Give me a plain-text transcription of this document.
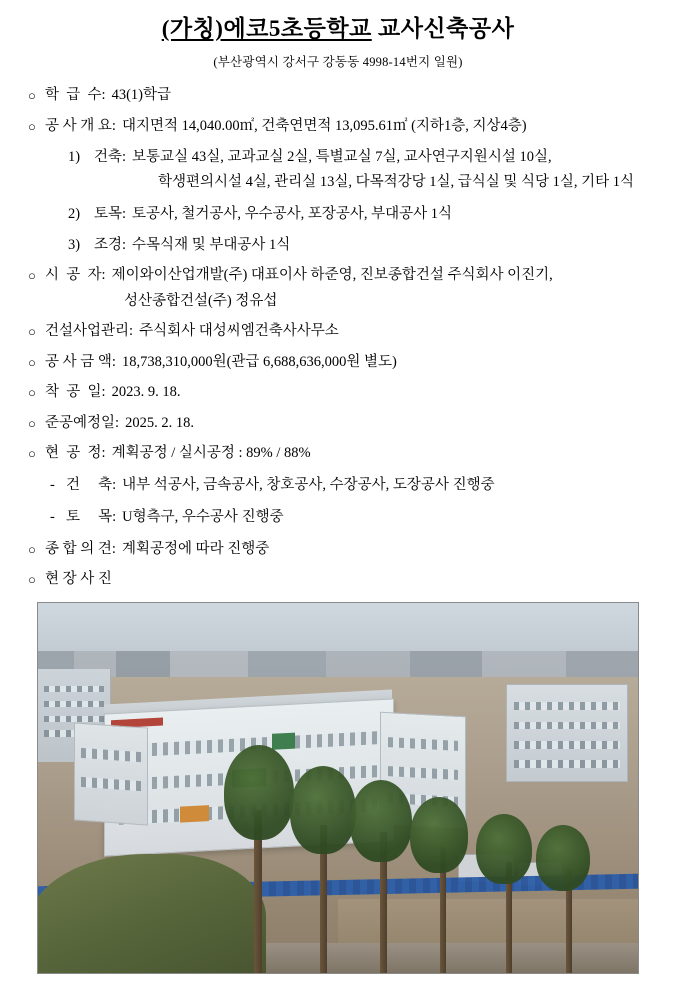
(가칭)에코5초등학교 교사신축공사
(부산광역시 강서구 강동동 4998-14번지 일원)
○ 학  급  수: 43(1)학급
○ 공 사 개 요: 대지면적 14,040.00㎡, 건축연면적 13,095.61㎡ (지하1층, 지상4층)
1) 건축: 보통교실 43실, 교과교실 2실, 특별교실 7실, 교사연구지원시설 10실,
학생편의시설 4실, 관리실 13실, 다목적강당 1실, 급식실 및 식당 1실, 기타 1식
2) 토목: 토공사, 철거공사, 우수공사, 포장공사, 부대공사 1식
3) 조경: 수목식재 및 부대공사 1식
○ 시  공  자: 제이와이산업개발(주) 대표이사 하준영, 진보종합건설 주식회사 이진기,
성산종합건설(주) 정유섭
○ 건설사업관리: 주식회사 대성씨엠건축사사무소
○ 공 사 금 액: 18,738,310,000원(관급 6,688,636,000원 별도)
○ 착  공  일: 2023. 9. 18.
○ 준공예정일: 2025. 2. 18.
○ 현  공  정: 계획공정 / 실시공정 : 89% / 88%
- 건     축: 내부 석공사, 금속공사, 창호공사, 수장공사, 도장공사 진행중
- 토     목: U형측구, 우수공사 진행중
○ 종 합 의 견: 계획공정에 따라 진행중
○ 현 장 사 진
